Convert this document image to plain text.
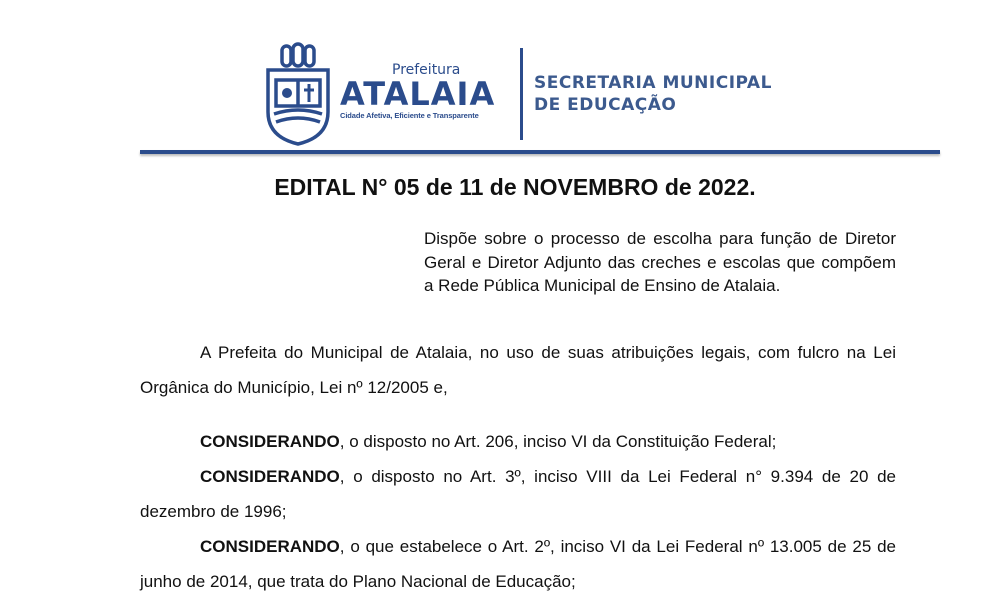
Prefeitura
ATALAIA
Cidade Afetiva, Eficiente e Transparente
SECRETARIA MUNICIPAL
DE EDUCAÇÃO
EDITAL N° 05 de 11 de NOVEMBRO de 2022.
Dispõe sobre o processo de escolha para função de Diretor Geral e Diretor Adjunto das creches e escolas que compõem a Rede Pública Municipal de Ensino de Atalaia.

A Prefeita do Municipal de Atalaia, no uso de suas atribuições legais, com fulcro na Lei Orgânica do Município, Lei nº 12/2005 e,

CONSIDERANDO, o disposto no Art. 206, inciso VI da Constituição Federal;

CONSIDERANDO, o disposto no Art. 3º, inciso VIII da Lei Federal n° 9.394 de 20 de dezembro de 1996;

CONSIDERANDO, o que estabelece o Art. 2º, inciso VI da Lei Federal nº 13.005 de 25 de junho de 2014, que trata do Plano Nacional de Educação;
